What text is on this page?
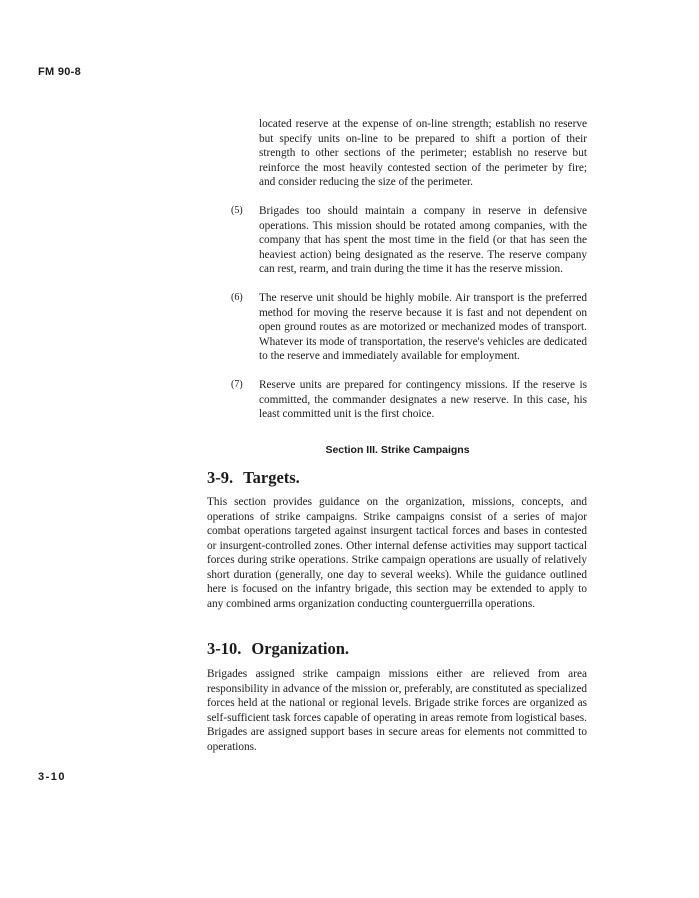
FM 90-8

located reserve at the expense of on-line strength; establish no reserve but specify units on-line to be prepared to shift a portion of their strength to other sections of the perimeter; establish no reserve but reinforce the most heavily contested section of the perimeter by fire; and consider reducing the size of the perimeter.

(5) Brigades too should maintain a company in reserve in defensive operations. This mission should be rotated among companies, with the company that has spent the most time in the field (or that has seen the heaviest action) being designated as the reserve. The reserve company can rest, rearm, and train during the time it has the reserve mission.

(6) The reserve unit should be highly mobile. Air transport is the preferred method for moving the reserve because it is fast and not dependent on open ground routes as are motorized or mechanized modes of transport. Whatever its mode of transportation, the reserve's vehicles are dedicated to the reserve and immediately available for employment.

(7) Reserve units are prepared for contingency missions. If the reserve is committed, the commander designates a new reserve. In this case, his least committed unit is the first choice.

Section III. Strike Campaigns
3-9. Targets.

This section provides guidance on the organization, missions, concepts, and operations of strike campaigns. Strike campaigns consist of a series of major combat operations targeted against insurgent tactical forces and bases in contested or insurgent-controlled zones. Other internal defense activities may support tactical forces during strike operations. Strike campaign operations are usually of relatively short duration (generally, one day to several weeks). While the guidance outlined here is focused on the infantry brigade, this section may be extended to apply to any combined arms organization conducting counterguerrilla operations.

3-10. Organization.

Brigades assigned strike campaign missions either are relieved from area responsibility in advance of the mission or, preferably, are constituted as specialized forces held at the national or regional levels. Brigade strike forces are organized as self-sufficient task forces capable of operating in areas remote from logistical bases. Brigades are assigned support bases in secure areas for elements not committed to operations.

3-10
